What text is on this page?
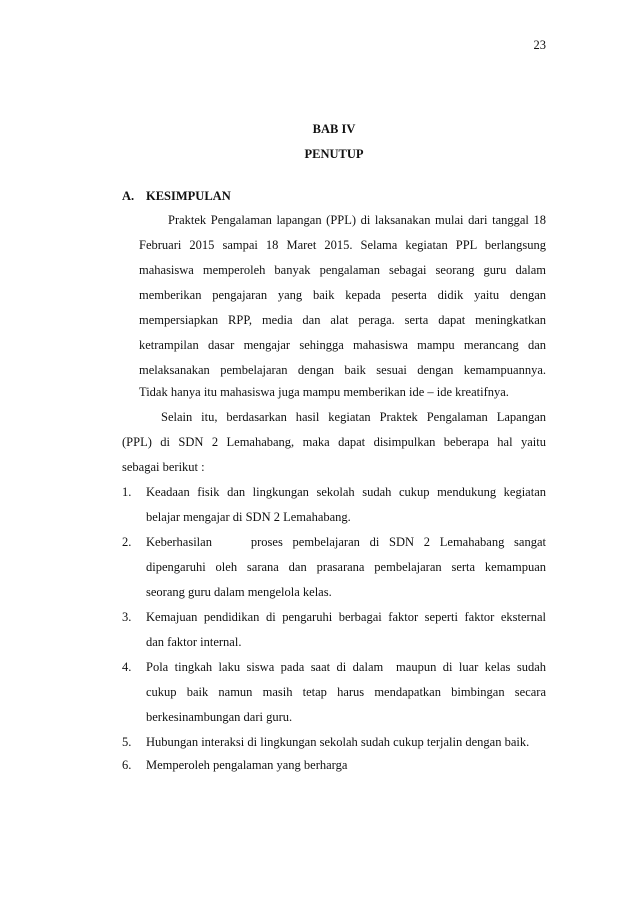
23
BAB IV
PENUTUP
A. KESIMPULAN
Praktek Pengalaman lapangan (PPL) di laksanakan mulai dari tanggal 18
Februari 2015 sampai 18 Maret 2015. Selama kegiatan PPL berlangsung
mahasiswa memperoleh banyak pengalaman sebagai seorang guru dalam
memberikan pengajaran yang baik kepada peserta didik yaitu dengan
mempersiapkan RPP, media dan alat peraga. serta dapat meningkatkan
ketrampilan dasar mengajar sehingga mahasiswa mampu merancang dan
melaksanakan pembelajaran dengan baik sesuai dengan kemampuannya.
Tidak hanya itu mahasiswa juga mampu memberikan ide – ide kreatifnya.
Selain itu, berdasarkan hasil kegiatan Praktek Pengalaman Lapangan
(PPL) di SDN 2 Lemahabang, maka dapat disimpulkan beberapa hal yaitu
sebagai berikut :
1. Keadaan fisik dan lingkungan sekolah sudah cukup mendukung kegiatan
belajar mengajar di SDN 2 Lemahabang.
2. Keberhasilan    proses pembelajaran di SDN 2 Lemahabang sangat
dipengaruhi oleh sarana dan prasarana pembelajaran serta kemampuan
seorang guru dalam mengelola kelas.
3. Kemajuan pendidikan di pengaruhi berbagai faktor seperti faktor eksternal
dan faktor internal.
4. Pola tingkah laku siswa pada saat di dalam  maupun di luar kelas sudah
cukup baik namun masih tetap harus mendapatkan bimbingan secara
berkesinambungan dari guru.
5. Hubungan interaksi di lingkungan sekolah sudah cukup terjalin dengan baik.
6. Memperoleh pengalaman yang berharga
